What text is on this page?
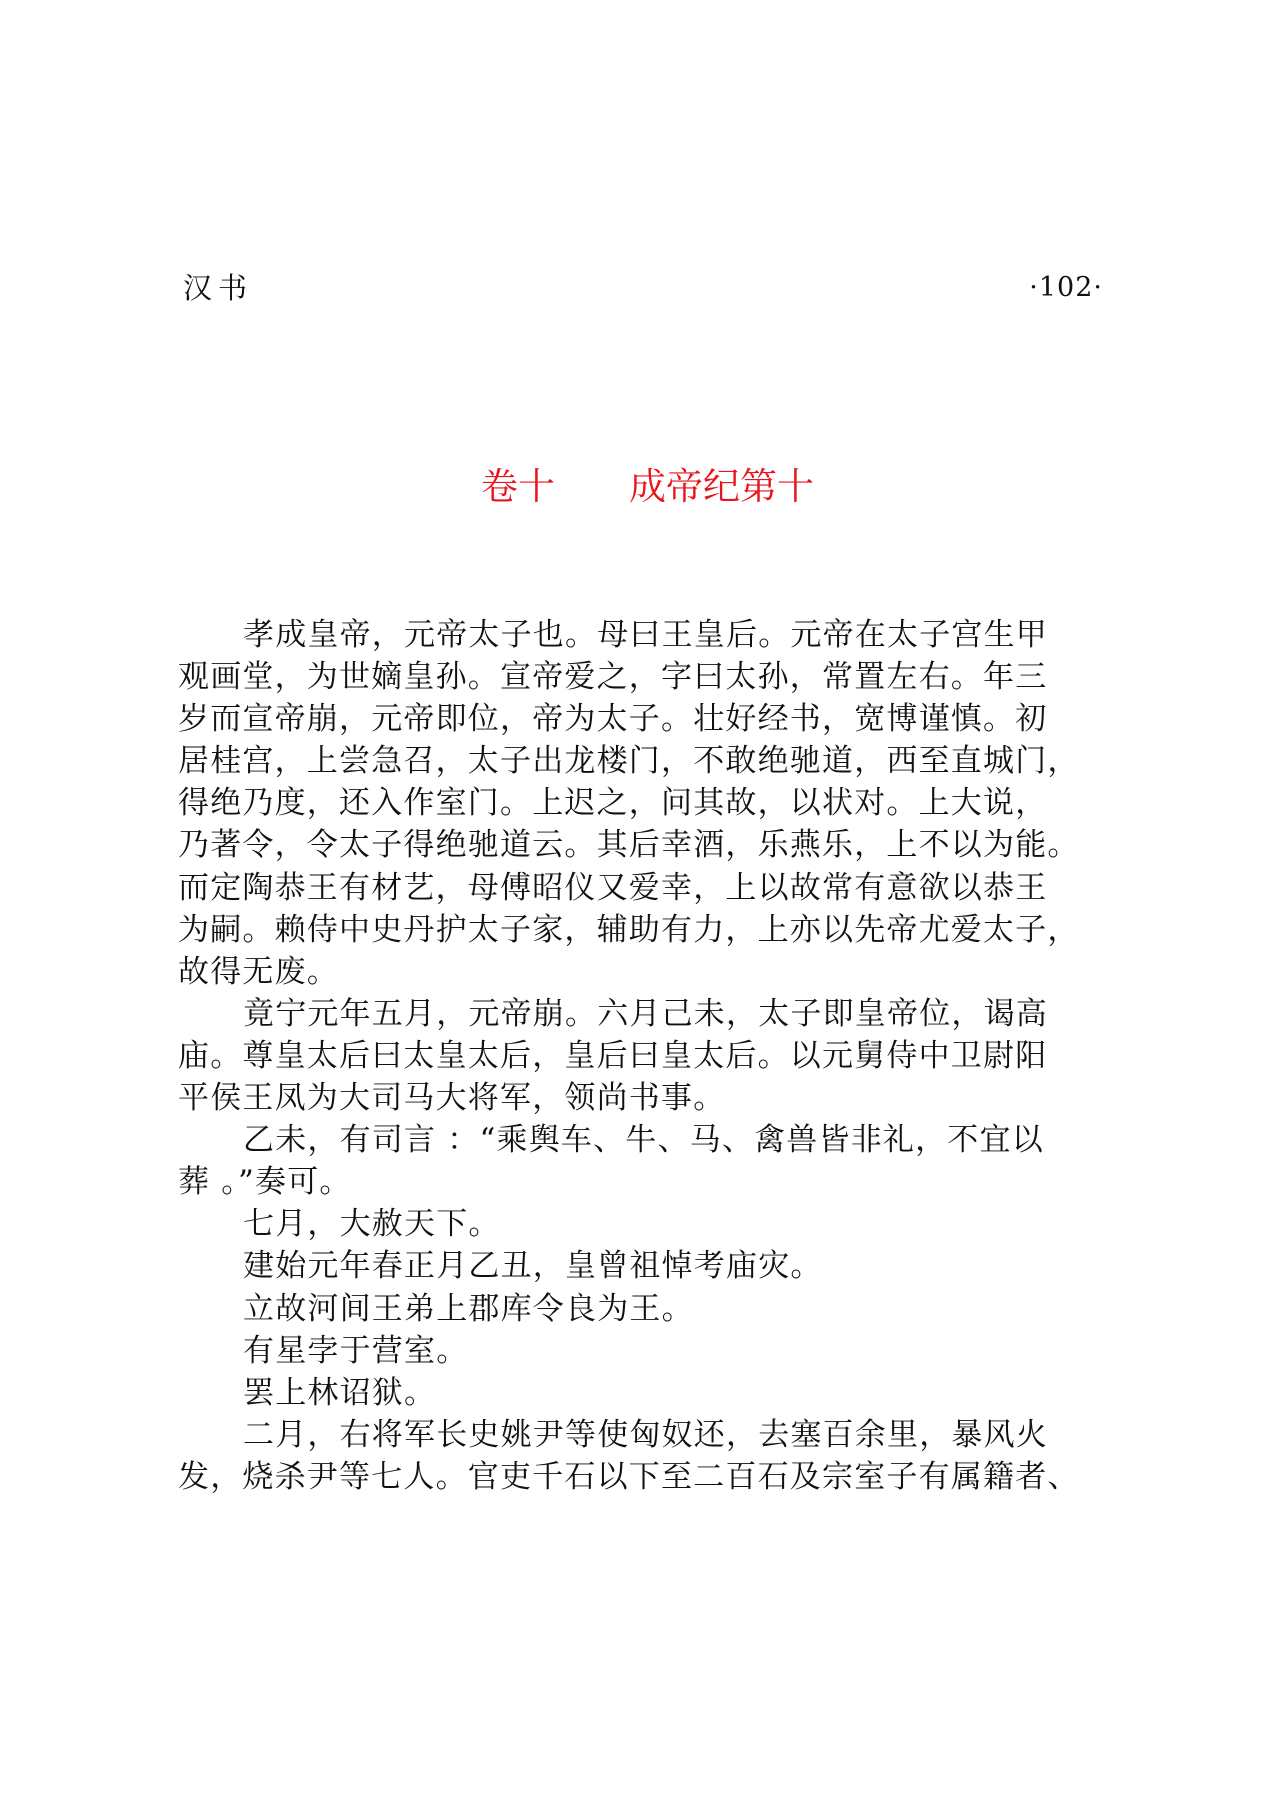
汉书	·102·
卷十　　成帝纪第十
孝成皇帝，元帝太子也。母曰王皇后。元帝在太子宫生甲
观画堂，为世嫡皇孙。宣帝爱之，字曰太孙，常置左右。年三
岁而宣帝崩，元帝即位，帝为太子。壮好经书，宽博谨慎。初
居桂宫，上尝急召，太子出龙楼门，不敢绝驰道，西至直城门，
得绝乃度，还入作室门。上迟之，问其故，以状对。上大说，
乃著令，令太子得绝驰道云。其后幸酒，乐燕乐，上不以为能。
而定陶恭王有材艺，母傅昭仪又爱幸，上以故常有意欲以恭王
为嗣。赖侍中史丹护太子家，辅助有力，上亦以先帝尤爱太子，
故得无废。
竟宁元年五月，元帝崩。六月己未，太子即皇帝位，谒高
庙。尊皇太后曰太皇太后，皇后曰皇太后。以元舅侍中卫尉阳
平侯王凤为大司马大将军，领尚书事。
乙未，有司言 ：“乘舆车、牛、马、禽兽皆非礼，不宜以
葬 。”奏可。
七月，大赦天下。
建始元年春正月乙丑，皇曾祖悼考庙灾。
立故河间王弟上郡库令良为王。
有星孛于营室。
罢上林诏狱。
二月，右将军长史姚尹等使匈奴还，去塞百余里，暴风火
发，烧杀尹等七人。官吏千石以下至二百石及宗室子有属籍者、
